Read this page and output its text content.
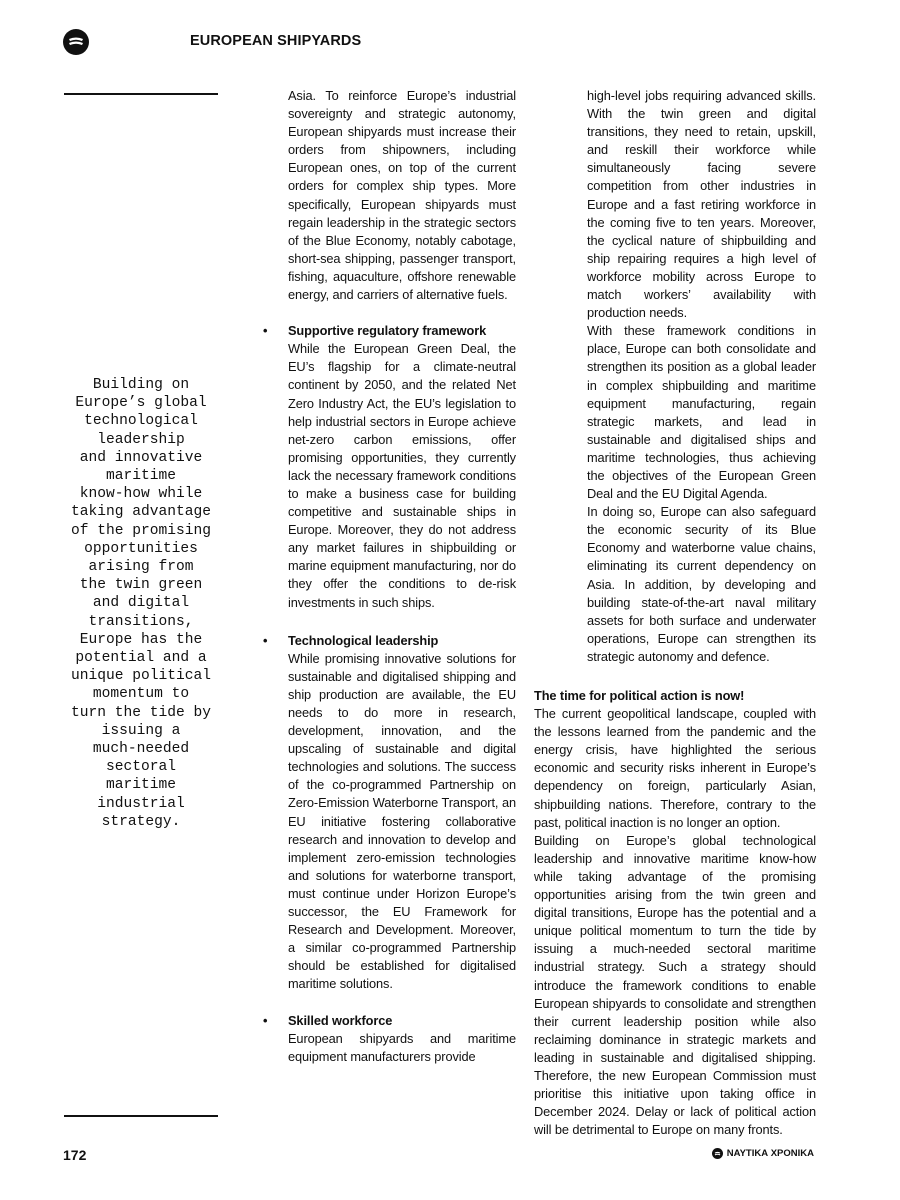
EUROPEAN SHIPYARDS
Building on
Europe’s global
technological
leadership
and innovative
maritime
know-how while
taking advantage
of the promising
opportunities
arising from
the twin green
and digital
transitions,
Europe has the
potential and a
unique political
momentum to
turn the tide by
issuing a
much-needed
sectoral
maritime
industrial
strategy.

Asia. To reinforce Europe’s industrial sovereignty and strategic autonomy, European shipyards must increase their orders from shipowners, including European ones, on top of the current orders for complex ship types. More specifically, European shipyards must regain leadership in the strategic sectors of the Blue Economy, notably cabotage, short-sea shipping, passenger transport, fishing, aquaculture, offshore renewable energy, and carriers of alternative fuels.

• Supportive regulatory framework

While the European Green Deal, the EU’s flagship for a climate-neutral continent by 2050, and the related Net Zero Industry Act, the EU’s legislation to help industrial sectors in Europe achieve net-zero carbon emissions, offer promising opportunities, they currently lack the necessary framework conditions to make a business case for building competitive and sustainable ships in Europe. Moreover, they do not address any market failures in shipbuilding or marine equipment manufacturing, nor do they offer the conditions to de-risk investments in such ships.

• Technological leadership

While promising innovative solutions for sustainable and digitalised shipping and ship production are available, the EU needs to do more in research, development, innovation, and the upscaling of sustainable and digital technologies and solutions. The success of the co-programmed Partnership on Zero-Emission Waterborne Transport, an EU initiative fostering collaborative research and innovation to develop and implement zero-emission technologies and solutions for waterborne transport, must continue under Horizon Europe’s successor, the EU Framework for Research and Development. Moreover, a similar co-programmed Partnership should be established for digitalised maritime solutions.

• Skilled workforce

European shipyards and maritime equipment manufacturers provide

high-level jobs requiring advanced skills. With the twin green and digital transitions, they need to retain, upskill, and reskill their workforce while simultaneously facing severe competition from other industries in Europe and a fast retiring workforce in the coming five to ten years. Moreover, the cyclical nature of shipbuilding and ship repairing requires a high level of workforce mobility across Europe to match workers’ availability with production needs.

With these framework conditions in place, Europe can both consolidate and strengthen its position as a global leader in complex shipbuilding and maritime equipment manufacturing, regain strategic markets, and lead in sustainable and digitalised ships and maritime technologies, thus achieving the objectives of the European Green Deal and the EU Digital Agenda.

In doing so, Europe can also safeguard the economic security of its Blue Economy and waterborne value chains, eliminating its current dependency on Asia. In addition, by developing and building state-of-the-art naval military assets for both surface and underwater operations, Europe can strengthen its strategic autonomy and defence.

The time for political action is now!

The current geopolitical landscape, coupled with the lessons learned from the pandemic and the energy crisis, have highlighted the serious economic and security risks inherent in Europe’s dependency on foreign, particularly Asian, shipbuilding nations. Therefore, contrary to the past, political inaction is no longer an option.

Building on Europe’s global technological leadership and innovative maritime know-how while taking advantage of the promising opportunities arising from the twin green and digital transitions, Europe has the potential and a unique political momentum to turn the tide by issuing a much-needed sectoral maritime industrial strategy. Such a strategy should introduce the framework conditions to enable European shipyards to consolidate and strengthen their current leadership position while also reclaiming dominance in strategic markets and leading in sustainable and digitalised shipping. Therefore, the new European Commission must prioritise this initiative upon taking office in December 2024. Delay or lack of political action will be detrimental to Europe on many fronts.

172	ΝΑΥΤΙΚΑ ΧΡΟΝΙΚΑ
